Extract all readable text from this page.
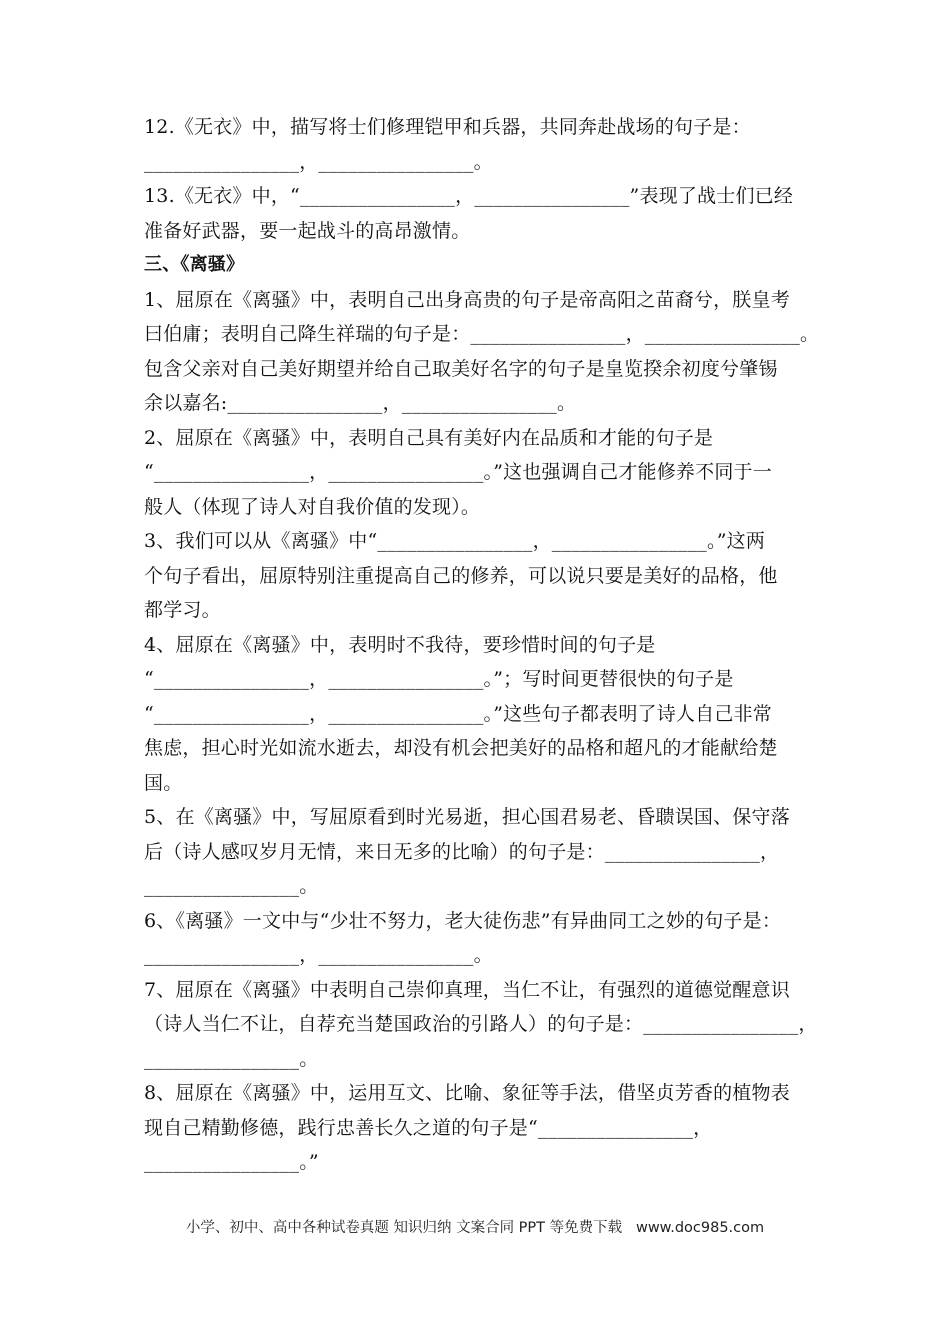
12.《无衣》中，描写将士们修理铠甲和兵器，共同奔赴战场的句子是：
________________，________________。
13.《无衣》中，“________________，________________”表现了战士们已经
准备好武器，要一起战斗的高昂激情。
三、《离骚》
1、屈原在《离骚》中，表明自己出身高贵的句子是帝高阳之苗裔兮，朕皇考
曰伯庸；表明自己降生祥瑞的句子是：________________，________________。
包含父亲对自己美好期望并给自己取美好名字的句子是皇览揆余初度兮肇锡
余以嘉名:________________，________________。
2、屈原在《离骚》中，表明自己具有美好内在品质和才能的句子是
“________________，________________。”这也强调自己才能修养不同于一
般人（体现了诗人对自我价值的发现）。
3、我们可以从《离骚》中“________________，________________。”这两
个句子看出，屈原特别注重提高自己的修养，可以说只要是美好的品格，他
都学习。
4、屈原在《离骚》中，表明时不我待，要珍惜时间的句子是
“________________，________________。”；写时间更替很快的句子是
“________________，________________。”这些句子都表明了诗人自己非常
焦虑，担心时光如流水逝去，却没有机会把美好的品格和超凡的才能献给楚
国。
5、在《离骚》中，写屈原看到时光易逝，担心国君易老、昏聩误国、保守落
后（诗人感叹岁月无情，来日无多的比喻）的句子是：________________，
________________。
6、《离骚》一文中与“少壮不努力，老大徒伤悲”有异曲同工之妙的句子是：
________________，________________。
7、屈原在《离骚》中表明自己崇仰真理，当仁不让，有强烈的道德觉醒意识
（诗人当仁不让，自荐充当楚国政治的引路人）的句子是：________________，
________________。
8、屈原在《离骚》中，运用互文、比喻、象征等手法，借坚贞芳香的植物表
现自己精勤修德，践行忠善长久之道的句子是“________________，
________________。”
小学、初中、高中各种试卷真题 知识归纳 文案合同 PPT 等免费下载   www.doc985.com
